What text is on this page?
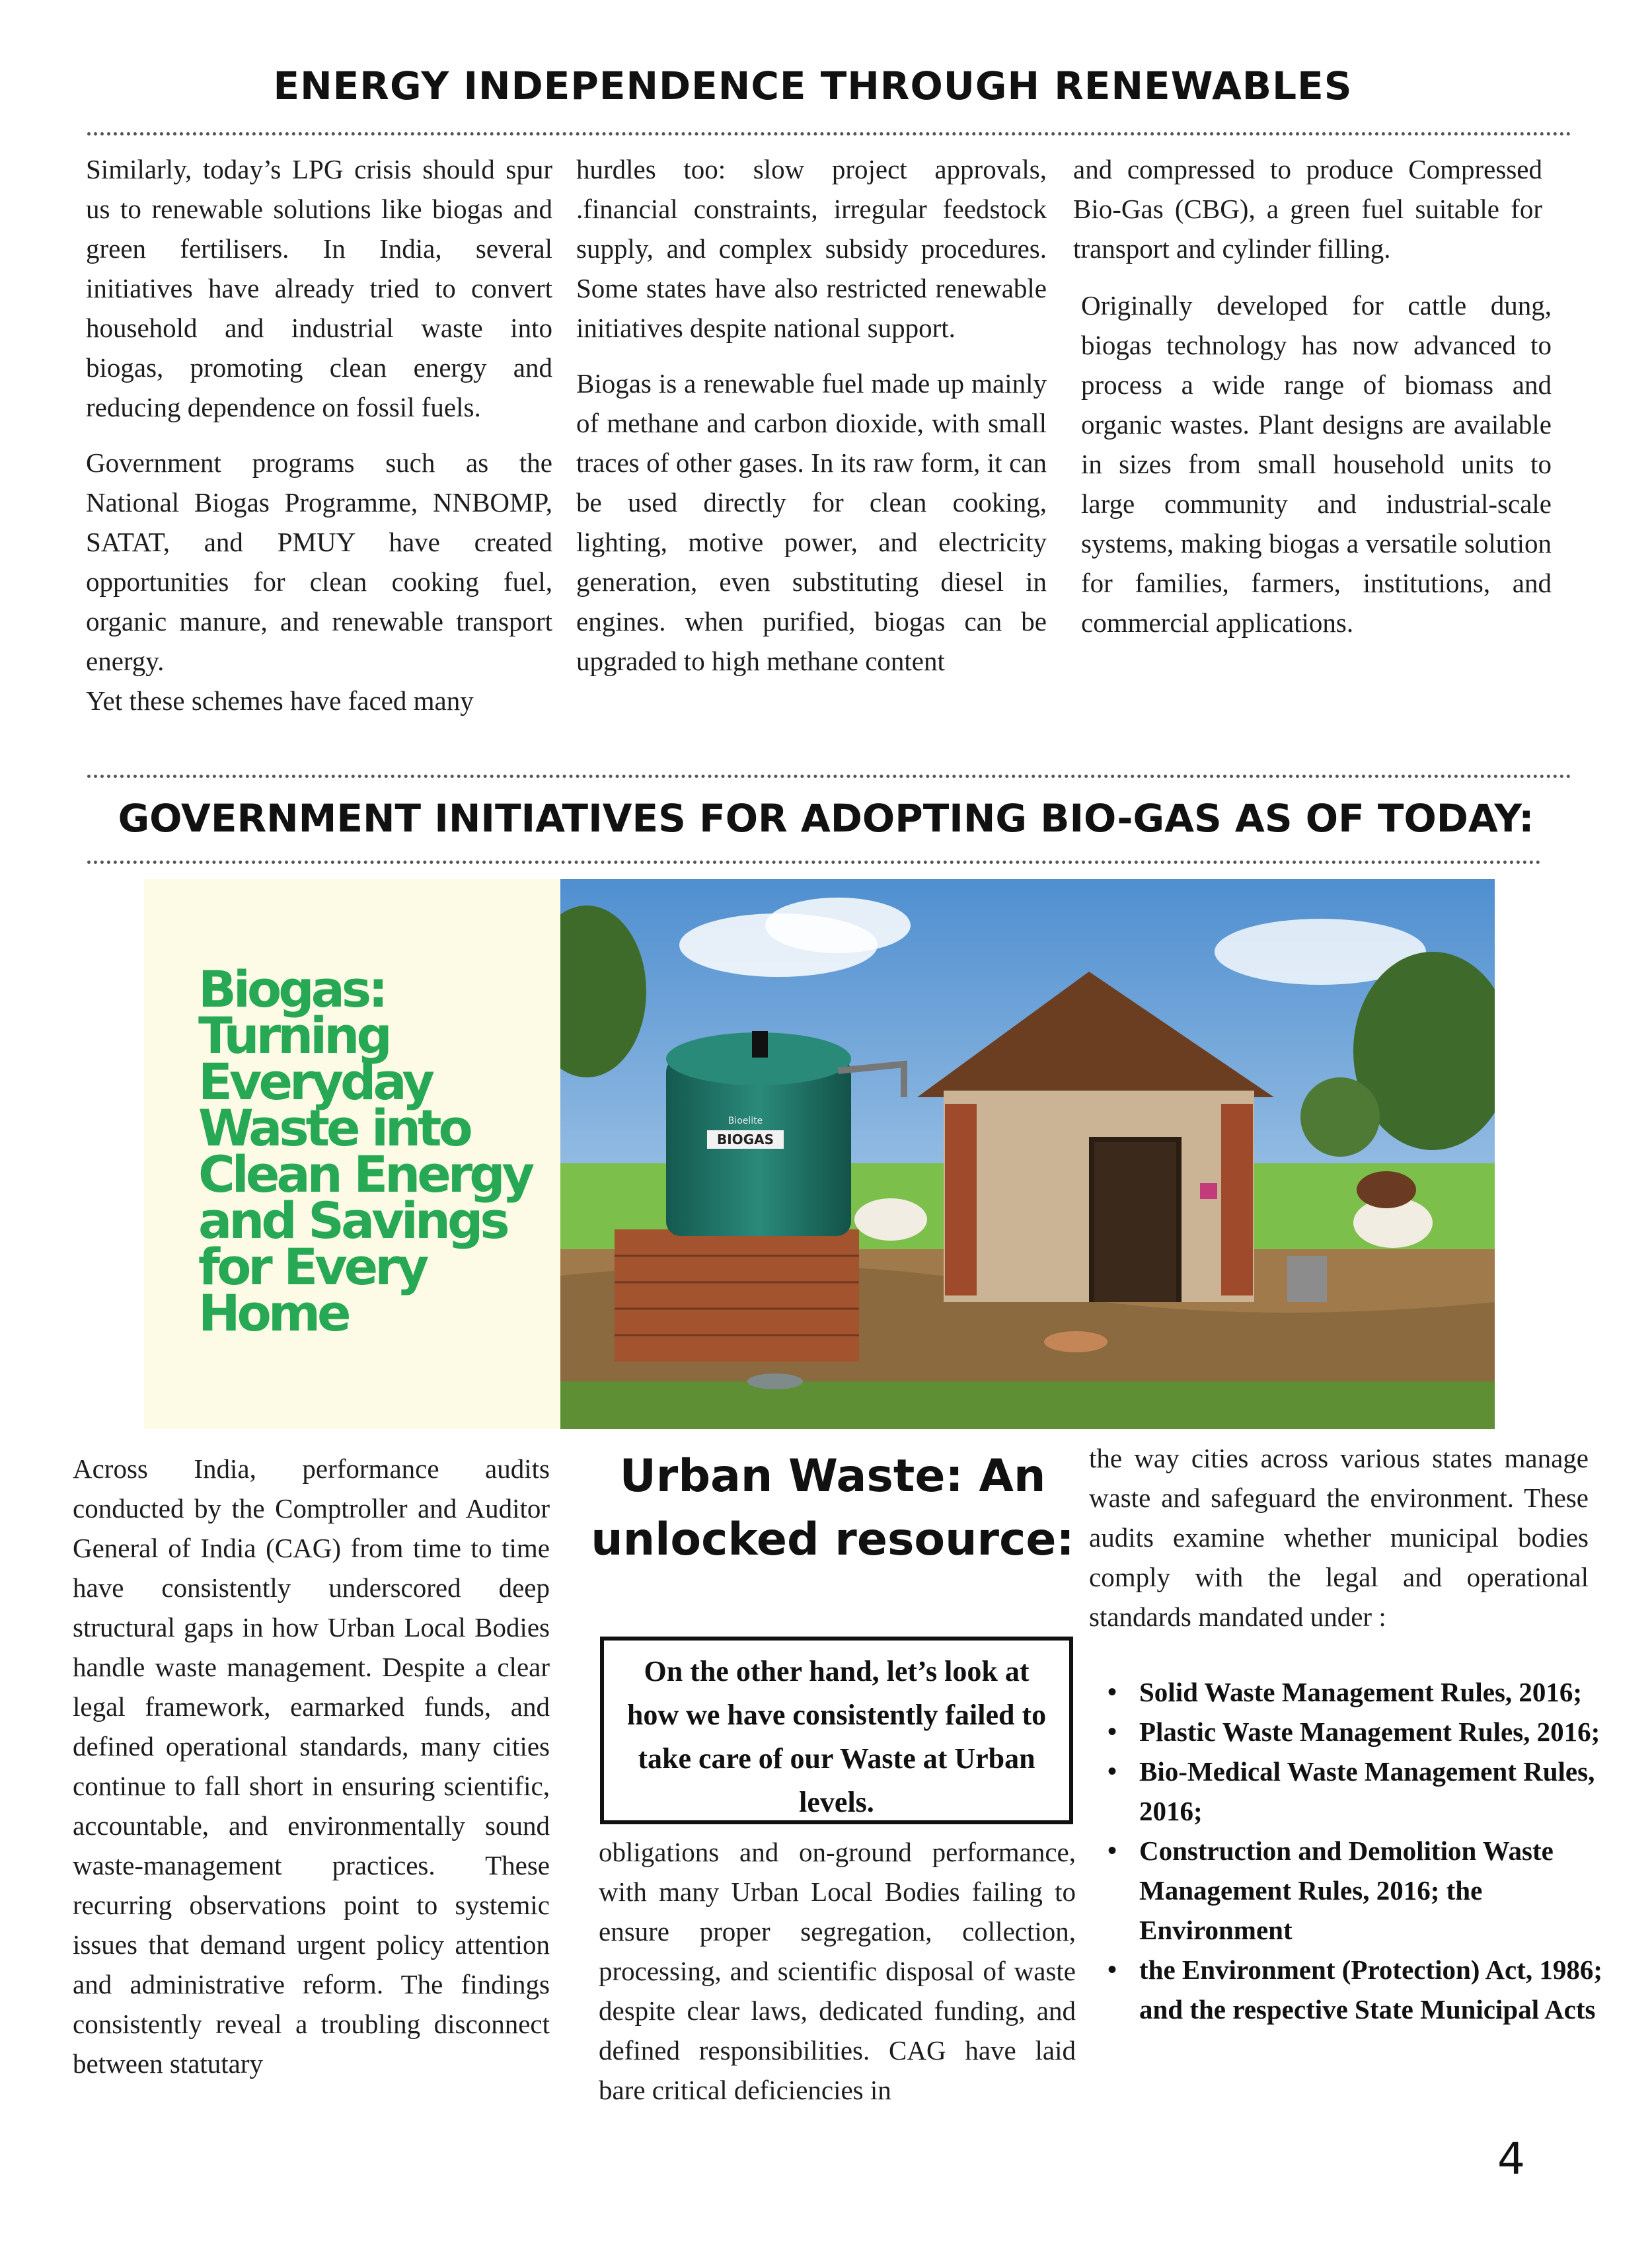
ENERGY INDEPENDENCE THROUGH RENEWABLES

Similarly, today’s LPG crisis should spur us to renewable solutions like biogas and green fertilisers. In India, several initiatives have already tried to convert household and industrial waste into biogas, promoting clean energy and reducing dependence on fossil fuels.

Government programs such as the National Biogas Programme, NNBOMP, SATAT, and PMUY have created opportunities for clean cooking fuel, organic manure, and renewable transport energy.

Yet these schemes have faced many

hurdles too: slow project approvals, .financial constraints, irregular feedstock supply, and complex subsidy procedures. Some states have also restricted renewable initiatives despite national support.

Biogas is a renewable fuel made up mainly of methane and carbon dioxide, with small traces of other gases. In its raw form, it can be used directly for clean cooking, lighting, motive power, and electricity generation, even substituting diesel in engines. when purified, biogas can be upgraded to high methane content

and compressed to produce Compressed Bio-Gas (CBG), a green fuel suitable for transport and cylinder filling.

Originally developed for cattle dung, biogas technology has now advanced to process a wide range of biomass and organic wastes. Plant designs are available in sizes from small household units to large community and industrial-scale systems, making biogas a versatile solution for families, farmers, institutions, and commercial applications.

GOVERNMENT INITIATIVES FOR ADOPTING BIO-GAS AS OF TODAY:
Biogas: Turning Everyday Waste into Clean Energy and Savings for Every Home
BIOGAS
Bioelite
Across India, performance audits conducted by the Comptroller and Auditor General of India (CAG) from time to time have consistently underscored deep structural gaps in how Urban Local Bodies handle waste management. Despite a clear legal framework, earmarked funds, and defined operational standards, many cities continue to fall short in ensuring scientific, accountable, and environmentally sound waste-management practices. These recurring observations point to systemic issues that demand urgent policy attention and administrative reform. The findings consistently reveal a troubling disconnect between statutary
Urban Waste: An unlocked resource:
On the other hand, let’s look at how we have consistently failed to take care of our Waste at Urban levels.
obligations and on-ground performance, with many Urban Local Bodies failing to ensure proper segregation, collection, processing, and scientific disposal of waste despite clear laws, dedicated funding, and defined responsibilities. CAG have laid bare critical deficiencies in
the way cities across various states manage waste and safeguard the environment. These audits examine whether municipal bodies comply with the legal and operational standards mandated under :
• Solid Waste Management Rules, 2016;
• Plastic Waste Management Rules, 2016;
• Bio-Medical Waste Management Rules, 2016;
• Construction and Demolition Waste Management Rules, 2016; the Environment
• the Environment (Protection) Act, 1986; and the respective State Municipal Acts
4
